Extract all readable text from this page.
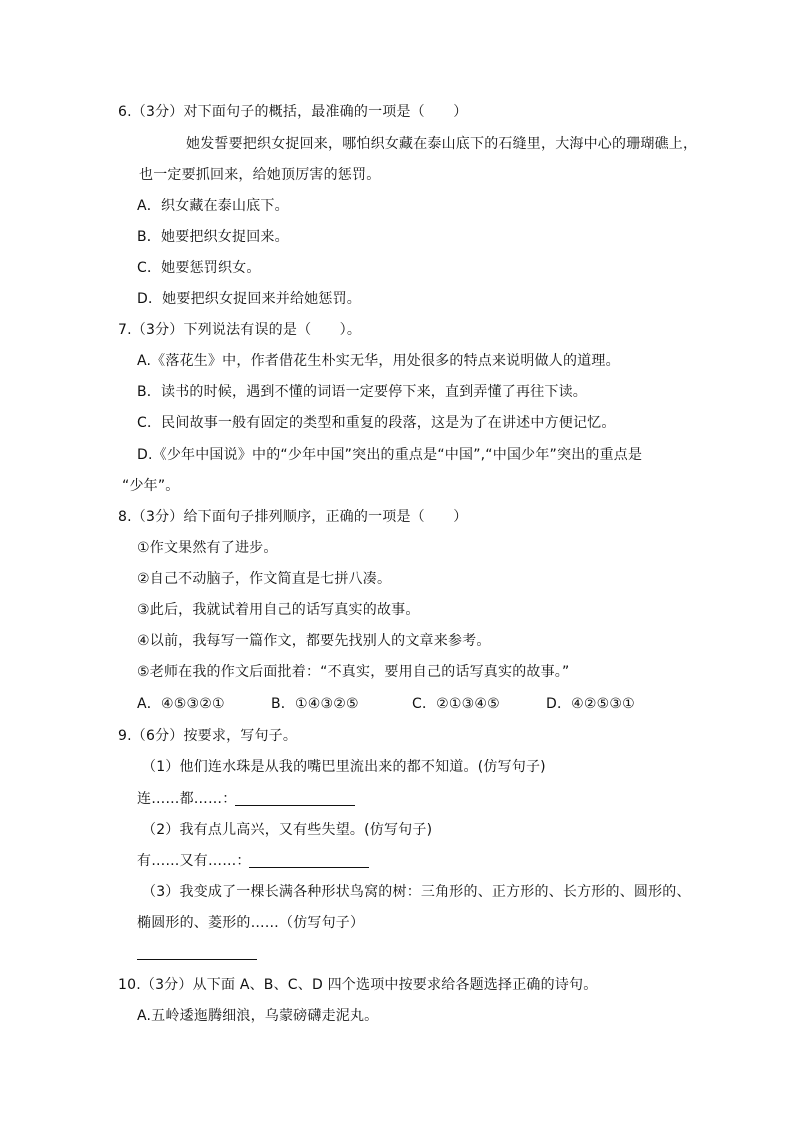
6.（3分）对下面句子的概括，最准确的一项是（　　）
她发誓要把织女捉回来，哪怕织女藏在泰山底下的石缝里，大海中心的珊瑚礁上，
也一定要抓回来，给她顶厉害的惩罚。
A．织女藏在泰山底下。
B．她要把织女捉回来。
C．她要惩罚织女。
D．她要把织女捉回来并给她惩罚。
7.（3分）下列说法有误的是（　　）。
A.《落花生》中，作者借花生朴实无华，用处很多的特点来说明做人的道理。
B．读书的时候，遇到不懂的词语一定要停下来，直到弄懂了再往下读。
C．民间故事一般有固定的类型和重复的段落，这是为了在讲述中方便记忆。
D.《少年中国说》中的“少年中国”突出的重点是“中国”,“中国少年”突出的重点是
“少年”。
8.（3分）给下面句子排列顺序，正确的一项是（　　）
①作文果然有了进步。
②自己不动脑子，作文简直是七拼八凑。
③此后，我就试着用自己的话写真实的故事。
④以前，我每写一篇作文，都要先找别人的文章来参考。
⑤老师在我的作文后面批着：“不真实，要用自己的话写真实的故事。”
A．④⑤③②①	B．①④③②⑤	C．②①③④⑤	D．④②⑤③①
9.（6分）按要求，写句子。
（1）他们连水珠是从我的嘴巴里流出来的都不知道。(仿写句子)
连……都……：
（2）我有点儿高兴，又有些失望。(仿写句子)
有……又有……：
（3）我变成了一棵长满各种形状鸟窝的树：三角形的、正方形的、长方形的、圆形的、
椭圆形的、菱形的……（仿写句子）
10.（3分）从下面 A、B、C、D 四个选项中按要求给各题选择正确的诗句。
A.五岭逶迤腾细浪，乌蒙磅礴走泥丸。
